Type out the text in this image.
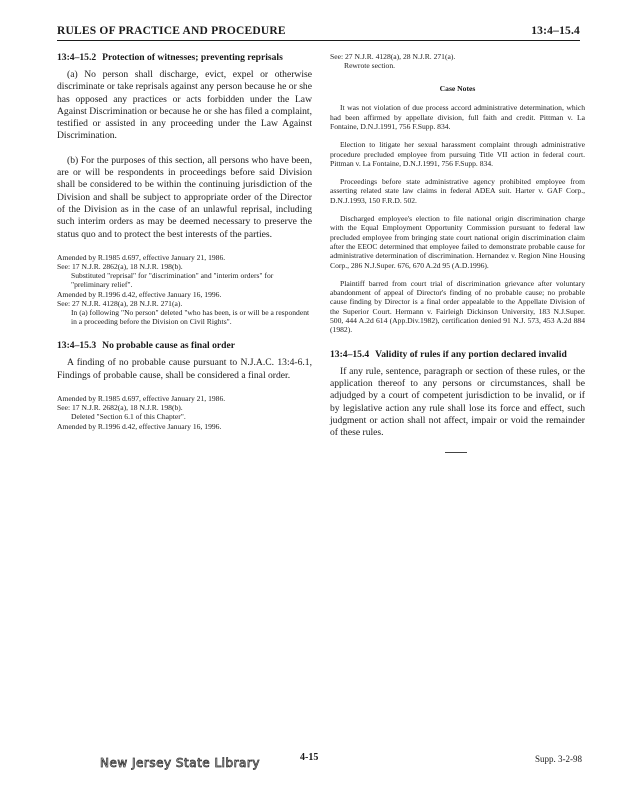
RULES OF PRACTICE AND PROCEDURE	13:4–15.4
13:4–15.2 Protection of witnesses; preventing reprisals

(a) No person shall discharge, evict, expel or otherwise discriminate or take reprisals against any person because he or she has opposed any practices or acts forbidden under the Law Against Discrimination or because he or she has filed a complaint, testified or assisted in any proceeding under the Law Against Discrimination.

(b) For the purposes of this section, all persons who have been, are or will be respondents in proceedings before said Division shall be considered to be within the continuing jurisdiction of the Division and shall be subject to appropriate order of the Director of the Division as in the case of an unlawful reprisal, including such interim orders as may be deemed necessary to preserve the status quo and to protect the best interests of the parties.

Amended by R.1985 d.697, effective January 21, 1986.

See: 17 N.J.R. 2862(a), 18 N.J.R. 198(b).

Substituted "reprisal" for "discrimination" and "interim orders" for "preliminary relief".

Amended by R.1996 d.42, effective January 16, 1996.

See: 27 N.J.R. 4128(a), 28 N.J.R. 271(a).

In (a) following "No person" deleted "who has been, is or will be a respondent in a proceeding before the Division on Civil Rights".

13:4–15.3 No probable cause as final order

A finding of no probable cause pursuant to N.J.A.C. 13:4-6.1, Findings of probable cause, shall be considered a final order.

Amended by R.1985 d.697, effective January 21, 1986.

See: 17 N.J.R. 2682(a), 18 N.J.R. 198(b).

Deleted "Section 6.1 of this Chapter".

Amended by R.1996 d.42, effective January 16, 1996.

See: 27 N.J.R. 4128(a), 28 N.J.R. 271(a).

Rewrote section.

Case Notes

It was not violation of due process accord administrative determination, which had been affirmed by appellate division, full faith and credit. Pittman v. La Fontaine, D.N.J.1991, 756 F.Supp. 834.

Election to litigate her sexual harassment complaint through administrative procedure precluded employee from pursuing Title VII action in federal court. Pittman v. La Fontaine, D.N.J.1991, 756 F.Supp. 834.

Proceedings before state administrative agency prohibited employee from asserting related state law claims in federal ADEA suit. Harter v. GAF Corp., D.N.J.1993, 150 F.R.D. 502.

Discharged employee's election to file national origin discrimination charge with the Equal Employment Opportunity Commission pursuant to federal law precluded employee from bringing state court national origin discrimination claim after the EEOC determined that employee failed to demonstrate probable cause for administrative determination of discrimination. Hernandez v. Region Nine Housing Corp., 286 N.J.Super. 676, 670 A.2d 95 (A.D.1996).

Plaintiff barred from court trial of discrimination grievance after voluntary abandonment of appeal of Director's finding of no probable cause; no probable cause finding by Director is a final order appealable to the Appellate Division of the Superior Court. Hermann v. Fairleigh Dickinson University, 183 N.J.Super. 500, 444 A.2d 614 (App.Div.1982), certification denied 91 N.J. 573, 453 A.2d 884 (1982).

13:4–15.4 Validity of rules if any portion declared invalid

If any rule, sentence, paragraph or section of these rules, or the application thereof to any persons or circumstances, shall be adjudged by a court of competent jurisdiction to be invalid, or if by legislative action any rule shall lose its force and effect, such judgment or action shall not affect, impair or void the remainder of these rules.

New Jersey State Library	4-15	Supp. 3-2-98
